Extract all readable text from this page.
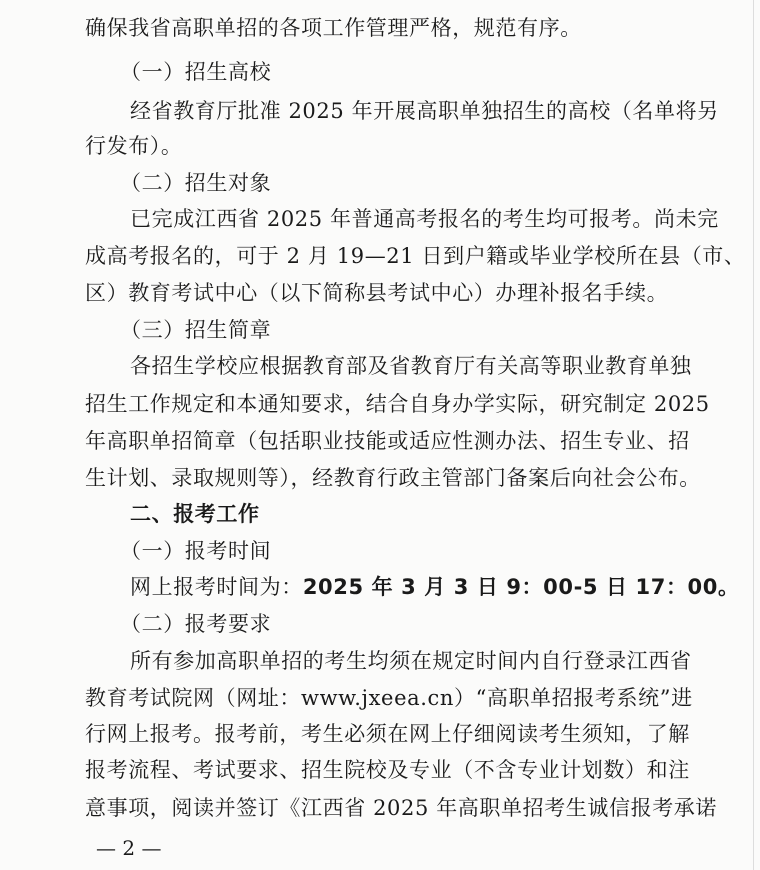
确保我省高职单招的各项工作管理严格，规范有序。
（一）招生高校
经省教育厅批准 2025 年开展高职单独招生的高校（名单将另
行发布）。
（二）招生对象
已完成江西省 2025 年普通高考报名的考生均可报考。尚未完
成高考报名的，可于 2 月 19—21 日到户籍或毕业学校所在县（市、
区）教育考试中心（以下简称县考试中心）办理补报名手续。
（三）招生简章
各招生学校应根据教育部及省教育厅有关高等职业教育单独
招生工作规定和本通知要求，结合自身办学实际，研究制定 2025
年高职单招简章（包括职业技能或适应性测办法、招生专业、招
生计划、录取规则等），经教育行政主管部门备案后向社会公布。
二、报考工作
（一）报考时间
网上报考时间为：2025 年 3 月 3 日 9：00-5 日 17：00。
（二）报考要求
所有参加高职单招的考生均须在规定时间内自行登录江西省
教育考试院网（网址：www.jxeea.cn）“高职单招报考系统”进
行网上报考。报考前，考生必须在网上仔细阅读考生须知，了解
报考流程、考试要求、招生院校及专业（不含专业计划数）和注
意事项，阅读并签订《江西省 2025 年高职单招考生诚信报考承诺
— 2 —
